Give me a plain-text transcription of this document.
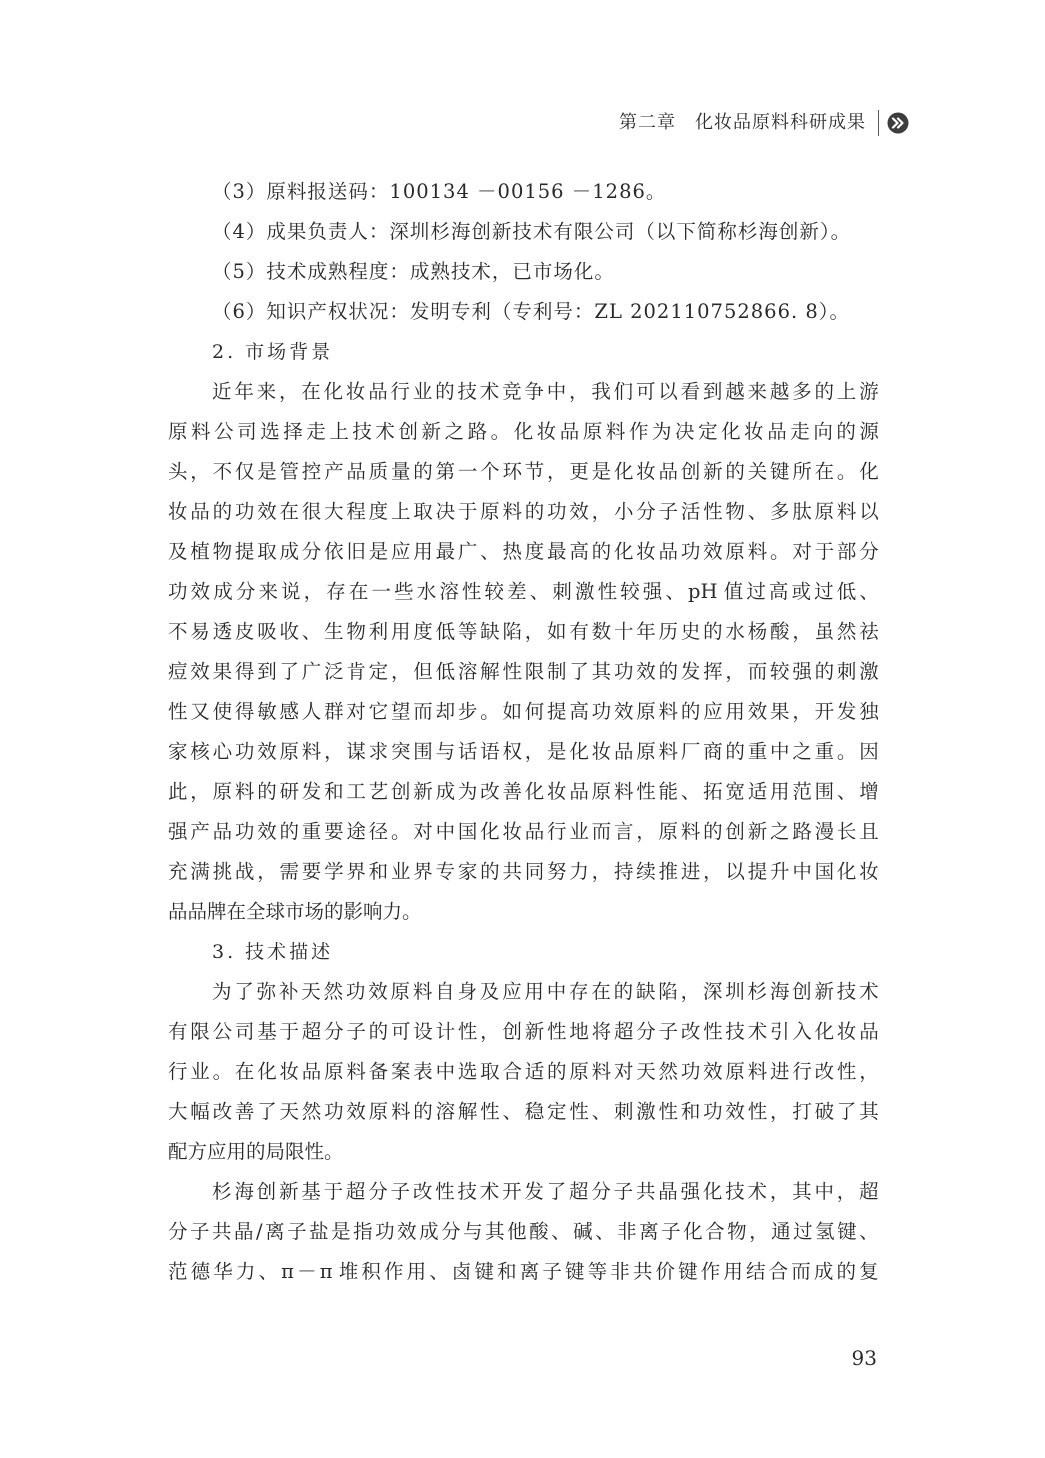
第二章　化妆品原料科研成果
（3）原料报送码：100134 －00156 －1286。
（4）成果负责人：深圳杉海创新技术有限公司（以下简称杉海创新）。
（5）技术成熟程度：成熟技术，已市场化。
（6）知识产权状况：发明专利（专利号：ZL 202110752866. 8）。
2. 市场背景
近 年 来 ， 在 化 妆 品 行 业 的 技 术 竞 争 中 ， 我 们 可 以 看 到 越 来 越 多 的 上 游
原 料 公 司 选 择 走 上 技 术 创 新 之 路 。 化 妆 品 原 料 作 为 决 定 化 妆 品 走 向 的 源
头 ， 不 仅 是 管 控 产 品 质 量 的 第 一 个 环 节 ， 更 是 化 妆 品 创 新 的 关 键 所 在 。 化
妆 品 的 功 效 在 很 大 程 度 上 取 决 于 原 料 的 功 效 ， 小 分 子 活 性 物 、 多 肽 原 料 以
及 植 物 提 取 成 分 依 旧 是 应 用 最 广 、 热 度 最 高 的 化 妆 品 功 效 原 料 。 对 于 部 分
功 效 成 分 来 说 ， 存 在 一 些 水 溶 性 较 差 、 刺 激 性 较 强 、 pH 值 过 高 或 过 低 、
不 易 透 皮 吸 收 、 生 物 利 用 度 低 等 缺 陷 ， 如 有 数 十 年 历 史 的 水 杨 酸 ， 虽 然 祛
痘 效 果 得 到 了 广 泛 肯 定 ， 但 低 溶 解 性 限 制 了 其 功 效 的 发 挥 ， 而 较 强 的 刺 激
性 又 使 得 敏 感 人 群 对 它 望 而 却 步 。 如 何 提 高 功 效 原 料 的 应 用 效 果 ， 开 发 独
家 核 心 功 效 原 料 ， 谋 求 突 围 与 话 语 权 ， 是 化 妆 品 原 料 厂 商 的 重 中 之 重 。 因
此 ， 原 料 的 研 发 和 工 艺 创 新 成 为 改 善 化 妆 品 原 料 性 能 、 拓 宽 适 用 范 围 、 增
强 产 品 功 效 的 重 要 途 径 。 对 中 国 化 妆 品 行 业 而 言 ， 原 料 的 创 新 之 路 漫 长 且
充 满 挑 战 ， 需 要 学 界 和 业 界 专 家 的 共 同 努 力 ， 持 续 推 进 ， 以 提 升 中 国 化 妆
品品牌在全球市场的影响力。
3. 技术描述
为 了 弥 补 天 然 功 效 原 料 自 身 及 应 用 中 存 在 的 缺 陷 ， 深 圳 杉 海 创 新 技 术
有 限 公 司 基 于 超 分 子 的 可 设 计 性 ， 创 新 性 地 将 超 分 子 改 性 技 术 引 入 化 妆 品
行 业 。 在 化 妆 品 原 料 备 案 表 中 选 取 合 适 的 原 料 对 天 然 功 效 原 料 进 行 改 性 ，
大 幅 改 善 了 天 然 功 效 原 料 的 溶 解 性 、 稳 定 性 、 刺 激 性 和 功 效 性 ， 打 破 了 其
配方应用的局限性。
杉 海 创 新 基 于 超 分 子 改 性 技 术 开 发 了 超 分 子 共 晶 强 化 技 术 ， 其 中 ， 超
分 子 共 晶 / 离 子 盐 是 指 功 效 成 分 与 其 他 酸 、 碱 、 非 离 子 化 合 物 ， 通 过 氢 键 、
范 德 华 力 、 π － π 堆 积 作 用 、 卤 键 和 离 子 键 等 非 共 价 键 作 用 结 合 而 成 的 复
93
